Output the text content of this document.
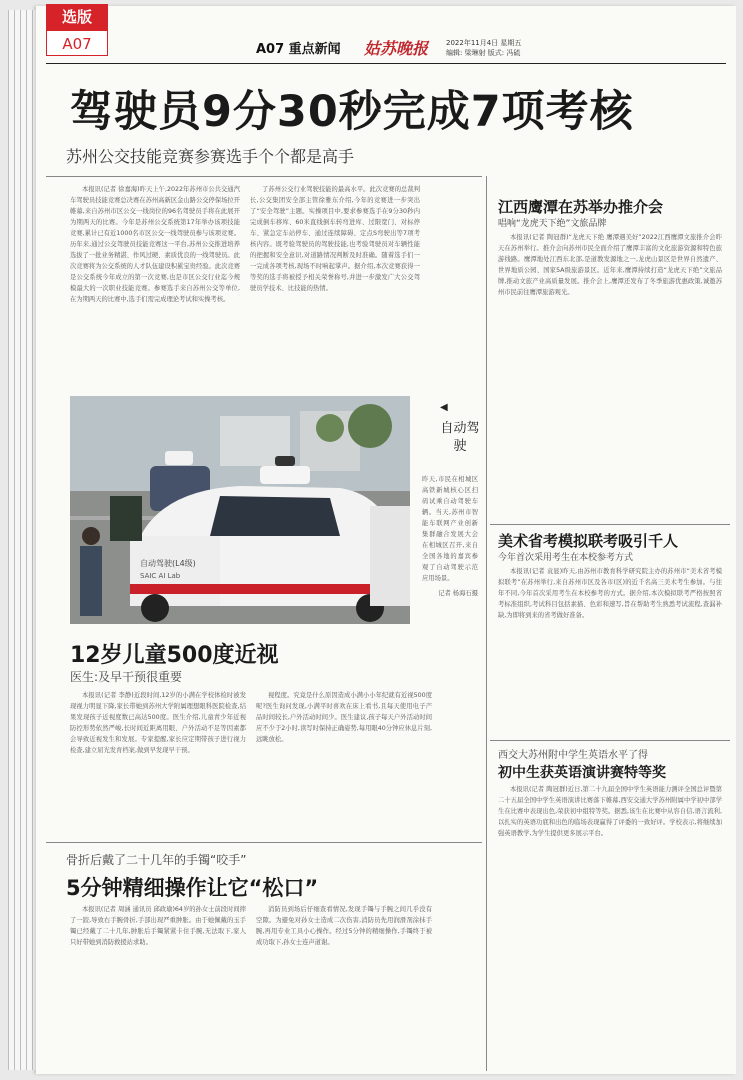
选版
A07	A07 重点新闻 姑苏晚报	2022年11月4日 星期五
编辑: 梁琳射 版式: 冯硫
驾驶员9分30秒完成7项考核
苏州公交技能竞赛参赛选手个个都是高手

本报讯(记者 徐嘉海)昨天上午,2022年苏州市公共交通汽车驾驶员技能竞赛总决赛在苏州高新区金山路公交停保场拉开帷幕,来自苏州市区公交一线岗位的96名驾驶员手将在此展开为期两天的比赛。今年是苏州公交系统第17年举办该项技能竞赛,累计已有近1000名市区公交一线驾驶员参与该项竞赛。历年来,通过公交驾驶员技能竞赛这一平台,苏州公交推进培养选拔了一批业务精湛、作风过硬、素质优良的一线驾驶员。此次竞赛将为公交系统的人才队伍建设积累宝贵经验。此次竞赛是公交系统今年成立的第一次竞赛,也是市区公交行业迄今规模最大的一次职业技能竞赛。参赛选手来自苏州公交等单位,在为期两天的比赛中,选手们需完成理论考试和实操考核。

了苏州公交行业驾驶技能的最高水平。此次竞赛的总裁判长,公交集团安全部主管徐雅东介绍,今年的竞赛进一步突出了“安全驾驶”主题。实操项目中,要求参赛选手在9分30秒内完成倒车移库、60米直线倒车转弯进库、过限宽门、对标停车、紧急定车站停车、通过连续障碍、定点S弯驶出等7项考核内容。既考验驾驶员的驾驶技能,也考验驾驶员对车辆性能的把握和安全意识,对道路情况判断及时准确。随着选手们一一完成各项考核,现场不时响起掌声。据介绍,本次竞赛获得一等奖的选手将被授予相关荣誉称号,并进一步激发广大公交驾驶员学技术、比技能的热情。

自动驾驶(L4级)
SAIC AI Lab
◀
自动驾驶

昨天,市民在相城区高铁新城核心区扫码试乘自动驾驶车辆。当天,苏州市智能车联网产业创新集群融合发展大会在相城区召开,来自全国各地的嘉宾参观了自动驾驶示范应用场景。

记者 杨海石摄

12岁儿童500度近视
医生:及早干预很重要

本报讯(记者 李静)近段时间,12岁的小满在学校体检时被发现视力明显下降,家长带她到苏州大学附属理想眼科医院检查,结果发现孩子近视度数已高达500度。医生介绍,儿童青少年近视防控形势依然严峻,长时间近距离用眼、户外活动不足等因素都会导致近视发生和发展。专家提醒,家长应定期带孩子进行视力检查,建立屈光发育档案,做到早发现早干预。

视程度。究竟是什么原因造成小满小小年纪就有近视500度呢?医生询问发现,小满平时喜欢在床上看书,且每天使用电子产品时间较长,户外活动时间少。医生建议,孩子每天户外活动时间应不少于2小时,读写时保持正确姿势,每用眼40分钟应休息片刻,远眺放松。

骨折后戴了二十几年的手镯“咬手”
5分钟精细操作让它“松口”

本报讯(记者 周涵 通讯员 邱政瑜)64岁的孙女士前段时间摔了一跤,导致右手腕骨折,手部出现严重肿胀。由于她佩戴的玉手镯已经戴了二十几年,肿胀后手镯紧紧卡住手腕,无法取下,家人只好带她到消防救援站求助。

消防员到场后仔细查看情况,发现手镯与手腕之间几乎没有空隙。为避免对孙女士造成二次伤害,消防员先用润滑剂涂抹手腕,再用专业工具小心操作。经过5分钟的精细操作,手镯终于被成功取下,孙女士连声道谢。

江西鹰潭在苏举办推介会
唱响“龙虎天下绝”文旅品牌

本报讯(记者 陶冠群)“龙虎天下绝 鹰潭遇美好”2022江西鹰潭文旅推介会昨天在苏州举行。推介会向苏州市民全面介绍了鹰潭丰富的文化旅游资源和特色旅游线路。鹰潭地处江西东北部,是道教发源地之一,龙虎山景区是世界自然遗产、世界地质公园、国家5A级旅游景区。近年来,鹰潭持续打造“龙虎天下绝”文旅品牌,推动文旅产业高质量发展。推介会上,鹰潭还发布了冬季旅游优惠政策,诚邀苏州市民前往鹰潭旅游观光。

美术省考模拟联考吸引千人
今年首次采用考生在本校参考方式

本报讯(记者 袁显)昨天,由苏州市教育科学研究院主办的苏州市“美术省考模拟联考”在苏州举行,来自苏州市区及各市(区)的近千名高三美术考生参加。与往年不同,今年首次采用考生在本校参考的方式。据介绍,本次模拟联考严格按照省考标准组织,考试科目包括素描、色彩和速写,旨在帮助考生熟悉考试流程,查漏补缺,为即将到来的省考做好准备。

西交大苏州附中学生英语水平了得
初中生获英语演讲赛特等奖

本报讯(记者 陶冠群)近日,第二十九届全国中学生英语能力测评全国总评暨第二十五届全国中学生英语演讲比赛落下帷幕,西安交通大学苏州附属中学初中部学生在比赛中表现出色,荣获初中组特等奖。据悉,该生在比赛中从容自信,语言流利,以扎实的英语功底和出色的临场表现赢得了评委的一致好评。学校表示,将继续加强英语教学,为学生提供更多展示平台。
